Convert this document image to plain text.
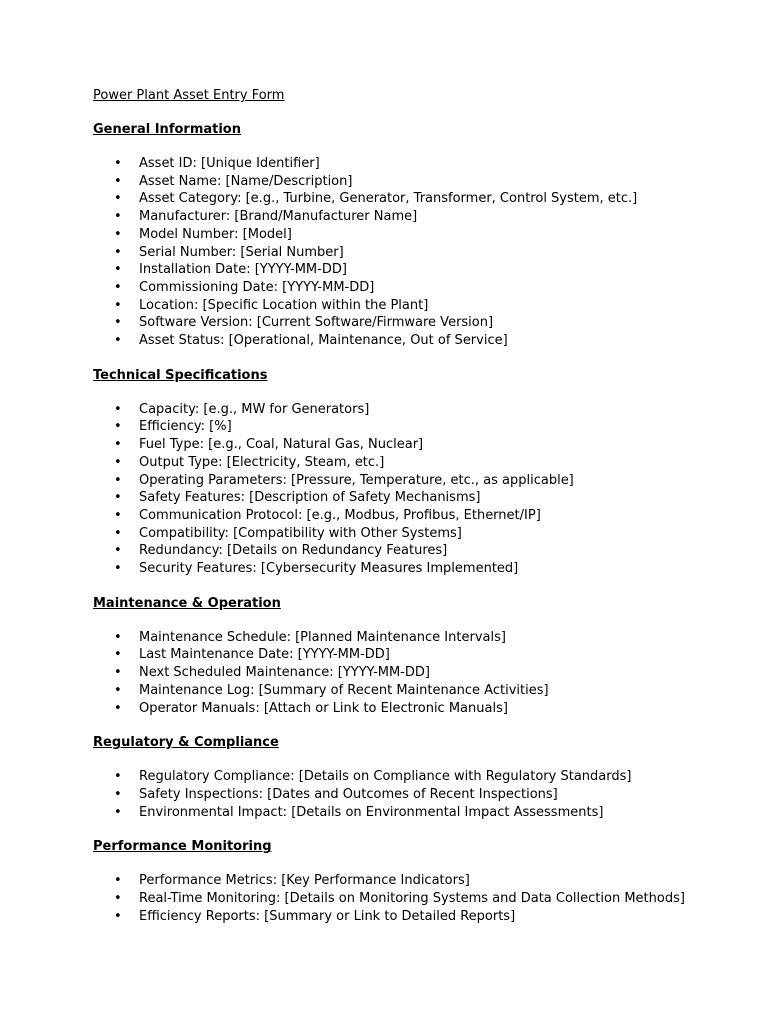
Power Plant Asset Entry Form
General Information
• Asset ID: [Unique Identifier]
• Asset Name: [Name/Description]
• Asset Category: [e.g., Turbine, Generator, Transformer, Control System, etc.]
• Manufacturer: [Brand/Manufacturer Name]
• Model Number: [Model]
• Serial Number: [Serial Number]
• Installation Date: [YYYY-MM-DD]
• Commissioning Date: [YYYY-MM-DD]
• Location: [Specific Location within the Plant]
• Software Version: [Current Software/Firmware Version]
• Asset Status: [Operational, Maintenance, Out of Service]
Technical Specifications
• Capacity: [e.g., MW for Generators]
• Efficiency: [%]
• Fuel Type: [e.g., Coal, Natural Gas, Nuclear]
• Output Type: [Electricity, Steam, etc.]
• Operating Parameters: [Pressure, Temperature, etc., as applicable]
• Safety Features: [Description of Safety Mechanisms]
• Communication Protocol: [e.g., Modbus, Profibus, Ethernet/IP]
• Compatibility: [Compatibility with Other Systems]
• Redundancy: [Details on Redundancy Features]
• Security Features: [Cybersecurity Measures Implemented]
Maintenance & Operation
• Maintenance Schedule: [Planned Maintenance Intervals]
• Last Maintenance Date: [YYYY-MM-DD]
• Next Scheduled Maintenance: [YYYY-MM-DD]
• Maintenance Log: [Summary of Recent Maintenance Activities]
• Operator Manuals: [Attach or Link to Electronic Manuals]
Regulatory & Compliance
• Regulatory Compliance: [Details on Compliance with Regulatory Standards]
• Safety Inspections: [Dates and Outcomes of Recent Inspections]
• Environmental Impact: [Details on Environmental Impact Assessments]
Performance Monitoring
• Performance Metrics: [Key Performance Indicators]
• Real-Time Monitoring: [Details on Monitoring Systems and Data Collection Methods]
• Efficiency Reports: [Summary or Link to Detailed Reports]
